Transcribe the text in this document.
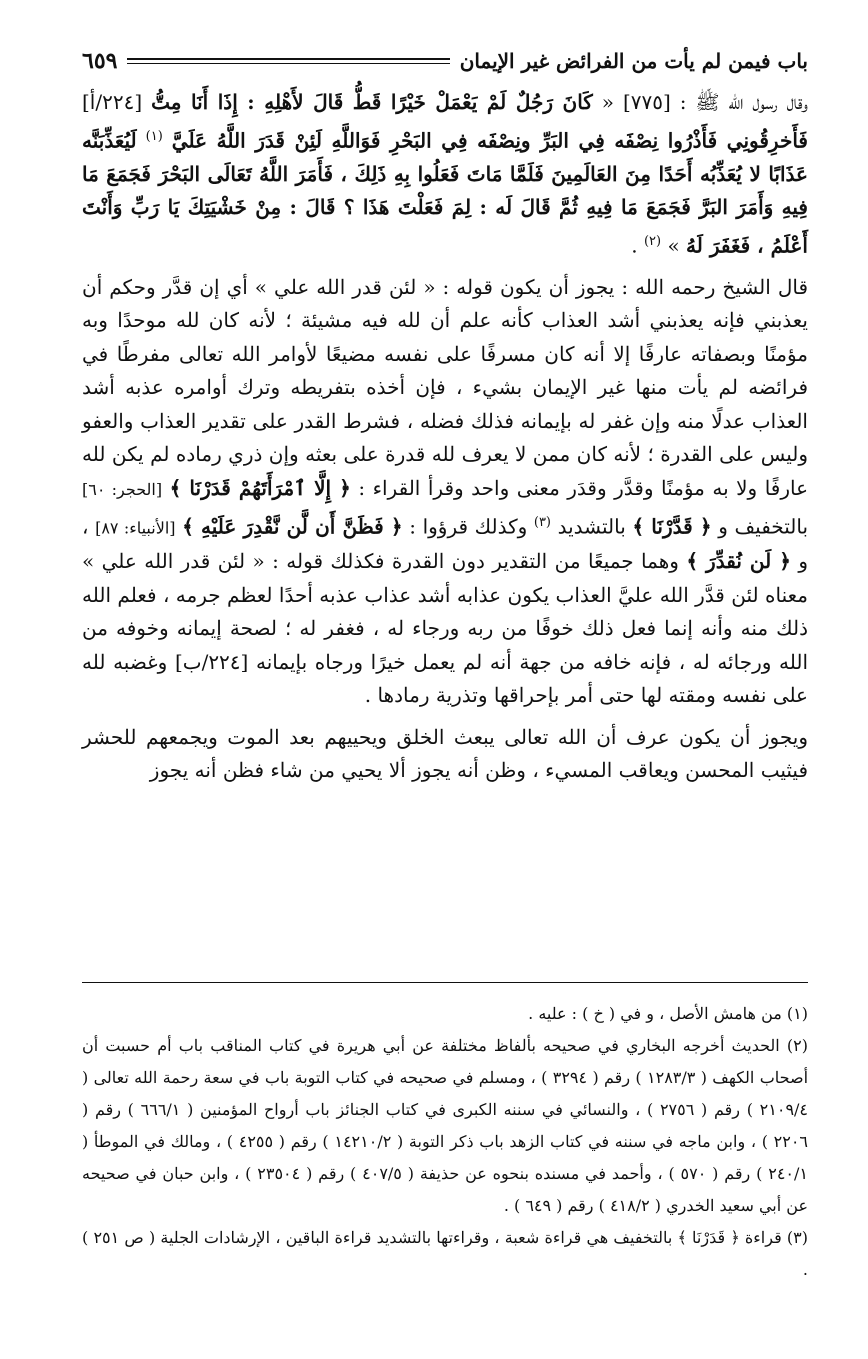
باب فيمن لم يأت من الفرائض غير الإيمان
٦٥٩

وقال رسول الله ﷺ : [٧٧٥] « كَانَ رَجُلٌ لَمْ يَعْمَلْ خَيْرًا قَطُّ قَالَ لأَهْلِهِ : إِذَا أَنَا مِتُّ [٢٢٤/أ] فَأَخرِقُونِي فَأَذْرُوا نِصْفَه فِي البَرِّ ونِصْفَه فِي البَحْرِ فَوَاللَّهِ لَئِنْ قَدَرَ اللَّهُ عَلَيَّ $^{(١)}$ لَيُعَذِّبَنَّه عَذَابًا لا يُعَذِّبُه أَحَدًا مِنَ العَالَمِينَ فَلَمَّا مَاتَ فَعَلُوا بِهِ ذَلِكَ ، فَأَمَرَ اللَّهُ تَعَالَى البَحْرَ فَجَمَعَ مَا فِيهِ وَأَمَرَ البَرَّ فَجَمَعَ مَا فِيهِ ثُمَّ قَالَ لَه : لِمَ فَعَلْتَ هَذَا ؟ قَالَ : مِنْ خَشْيَتِكَ يَا رَبِّ وَأَنْتَ أَعْلَمُ ، فَغَفَرَ لَهُ » $^{(٢)}$ .

قال الشيخ رحمه الله : يجوز أن يكون قوله : « لئن قدر الله علي » أي إن قدَّر وحكم أن يعذبني فإنه يعذبني أشد العذاب كأنه علم أن لله فيه مشيئة ؛ لأنه كان لله موحدًا وبه مؤمنًا وبصفاته عارفًا إلا أنه كان مسرفًا على نفسه مضيعًا لأوامر الله تعالى مفرطًا في فرائضه لم يأت منها غير الإيمان بشيء ، فإن أخذه بتفريطه وترك أوامره عذبه أشد العذاب عدلًا منه وإن غفر له بإيمانه فذلك فضله ، فشرط القدر على تقدير العذاب والعفو وليس على القدرة ؛ لأنه كان ممن لا يعرف لله قدرة على بعثه وإن ذري رماده لم يكن لله عارفًا ولا به مؤمنًا وقدَّر وقدَر معنى واحد وقرأ القراء : ﴿ إِلَّا ٱمْرَأَتَهُمْ قَدَرْنَا ﴾ [الحجر: ٦٠] بالتخفيف و ﴿ قَدَّرْنَا ﴾ بالتشديد $^{(٣)}$ وكذلك قرؤوا : ﴿ فَظَنَّ أَن لَّن نَّقْدِرَ عَلَيْهِ ﴾ [الأنبياء: ٨٧] ، و ﴿ لَن نُقدِّرَ ﴾ وهما جميعًا من التقدير دون القدرة فكذلك قوله : « لئن قدر الله علي » معناه لئن قدَّر الله عليَّ العذاب يكون عذابه أشد عذاب عذبه أحدًا لعظم جرمه ، فعلم الله ذلك منه وأنه إنما فعل ذلك خوفًا من ربه ورجاء له ، فغفر له ؛ لصحة إيمانه وخوفه من الله ورجائه له ، فإنه خافه من جهة أنه لم يعمل خيرًا ورجاه بإيمانه [٢٢٤/ب] وغضبه لله على نفسه ومقته لها حتى أمر بإحراقها وتذرية رمادها .

ويجوز أن يكون عرف أن الله تعالى يبعث الخلق ويحييهم بعد الموت ويجمعهم للحشر فيثيب المحسن ويعاقب المسيء ، وظن أنه يجوز ألا يحيي من شاء فظن أنه يجوز

(١) من هامش الأصل ، و في ( خ ) : عليه .

(٢) الحديث أخرجه البخاري في صحيحه بألفاظ مختلفة عن أبي هريرة في كتاب المناقب باب أم حسبت أن أصحاب الكهف ( ١٢٨٣/٣ ) رقم ( ٣٢٩٤ ) ، ومسلم في صحيحه في كتاب التوبة باب في سعة رحمة الله تعالى ( ٢١٠٩/٤ ) رقم ( ٢٧٥٦ ) ، والنسائي في سننه الكبرى في كتاب الجنائز باب أرواح المؤمنين ( ٦٦٦/١ ) رقم ( ٢٢٠٦ ) ، وابن ماجه في سننه في كتاب الزهد باب ذكر التوبة ( ١٤٢١٠/٢ ) رقم ( ٤٢٥٥ ) ، ومالك في الموطأ ( ٢٤٠/١ ) رقم ( ٥٧٠ ) ، وأحمد في مسنده بنحوه عن حذيفة ( ٤٠٧/٥ ) رقم ( ٢٣٥٠٤ ) ، وابن حبان في صحيحه عن أبي سعيد الخدري ( ٤١٨/٢ ) رقم ( ٦٤٩ ) .

(٣) قراءة ﴿ قَدَرْنَا ﴾ بالتخفيف هي قراءة شعبة ، وقراءتها بالتشديد قراءة الباقين ، الإرشادات الجلية ( ص ٢٥١ ) .
